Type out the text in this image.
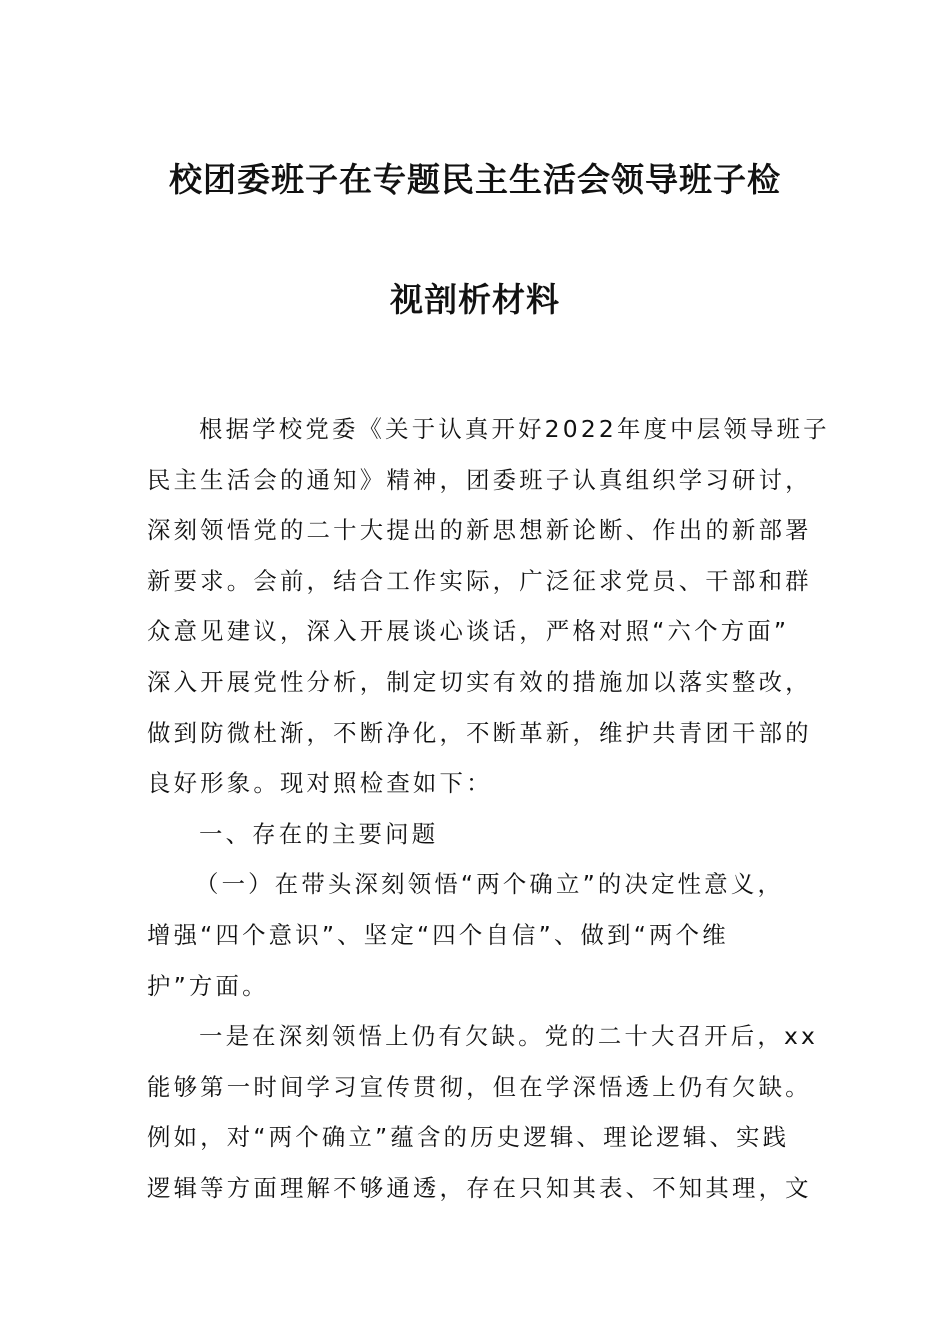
校团委班子在专题民主生活会领导班子检
视剖析材料
根据学校党委《关于认真开好2022年度中层领导班子
民主生活会的通知》精神，团委班子认真组织学习研讨，
深刻领悟党的二十大提出的新思想新论断、作出的新部署
新要求。会前，结合工作实际，广泛征求党员、干部和群
众意见建议，深入开展谈心谈话，严格对照“六个方面”
深入开展党性分析，制定切实有效的措施加以落实整改，
做到防微杜渐，不断净化，不断革新，维护共青团干部的
良好形象。现对照检查如下：
一、存在的主要问题
（一）在带头深刻领悟“两个确立”的决定性意义，
增强“四个意识”、坚定“四个自信”、做到“两个维
护”方面。
一是在深刻领悟上仍有欠缺。党的二十大召开后，xx
能够第一时间学习宣传贯彻，但在学深悟透上仍有欠缺。
例如，对“两个确立”蕴含的历史逻辑、理论逻辑、实践
逻辑等方面理解不够通透，存在只知其表、不知其理，文
